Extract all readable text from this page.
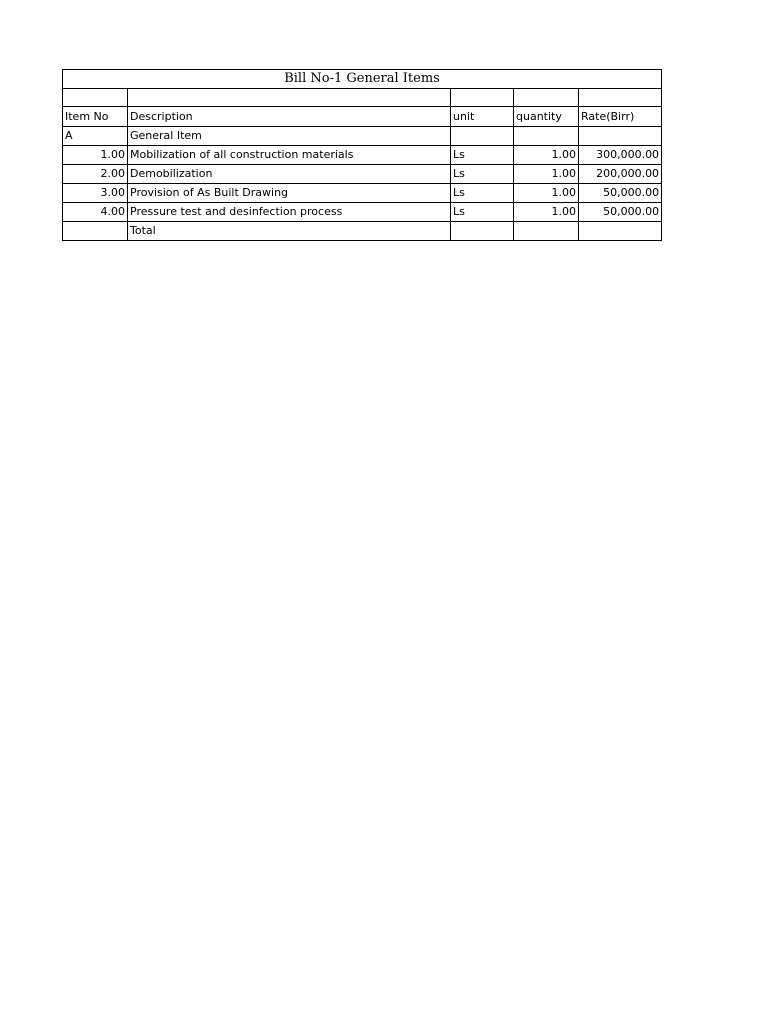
Bill No-1 General Items				

Item No	Description	unit	quantity	Rate(Birr)
A	General Item			
1.00	Mobilization of all construction materials	Ls	1.00	300,000.00
2.00	Demobilization	Ls	1.00	200,000.00
3.00	Provision of As Built Drawing	Ls	1.00	50,000.00
4.00	Pressure test and desinfection process	Ls	1.00	50,000.00
	Total			
